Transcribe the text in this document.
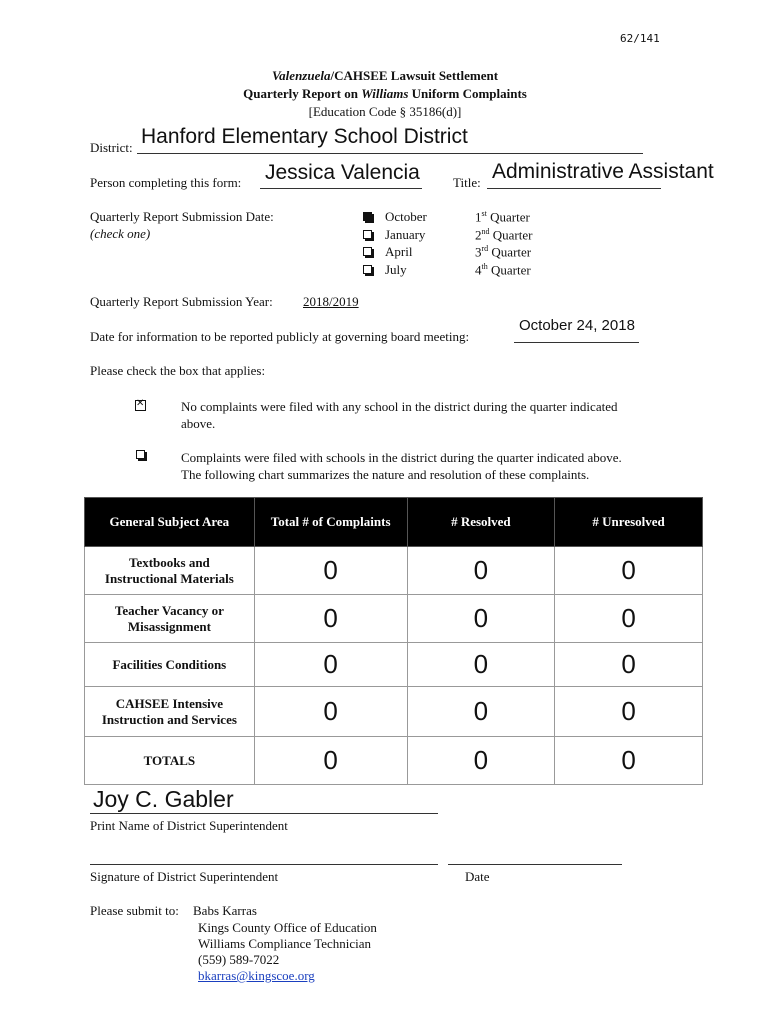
62/141
Valenzuela/CAHSEE Lawsuit Settlement
Quarterly Report on Williams Uniform Complaints
[Education Code § 35186(d)]
District: Hanford Elementary School District
Person completing this form: Jessica Valencia	Title: Administrative Assistant
Quarterly Report Submission Date:
(check one)
October	1st Quarter
January	2nd Quarter
April	3rd Quarter
July	4th Quarter
Quarterly Report Submission Year: 2018/2019
Date for information to be reported publicly at governing board meeting:
October 24, 2018
Please check the box that applies:
✕
No complaints were filed with any school in the district during the quarter indicated
above.
Complaints were filed with schools in the district during the quarter indicated above.
The following chart summarizes the nature and resolution of these complaints.
General Subject Area	Total # of Complaints	# Resolved	# Unresolved

Textbooks and
Instructional Materials	0	0	0

Teacher Vacancy or
Misassignment	0	0	0

Facilities Conditions	0	0	0

CAHSEE Intensive
Instruction and Services	0	0	0

TOTALS	0	0	0
Joy C. Gabler
Print Name of District Superintendent
Signature of District Superintendent	Date
Please submit to: Babs Karras
Kings County Office of Education
Williams Compliance Technician
(559) 589-7022
bkarras@kingscoe.org
